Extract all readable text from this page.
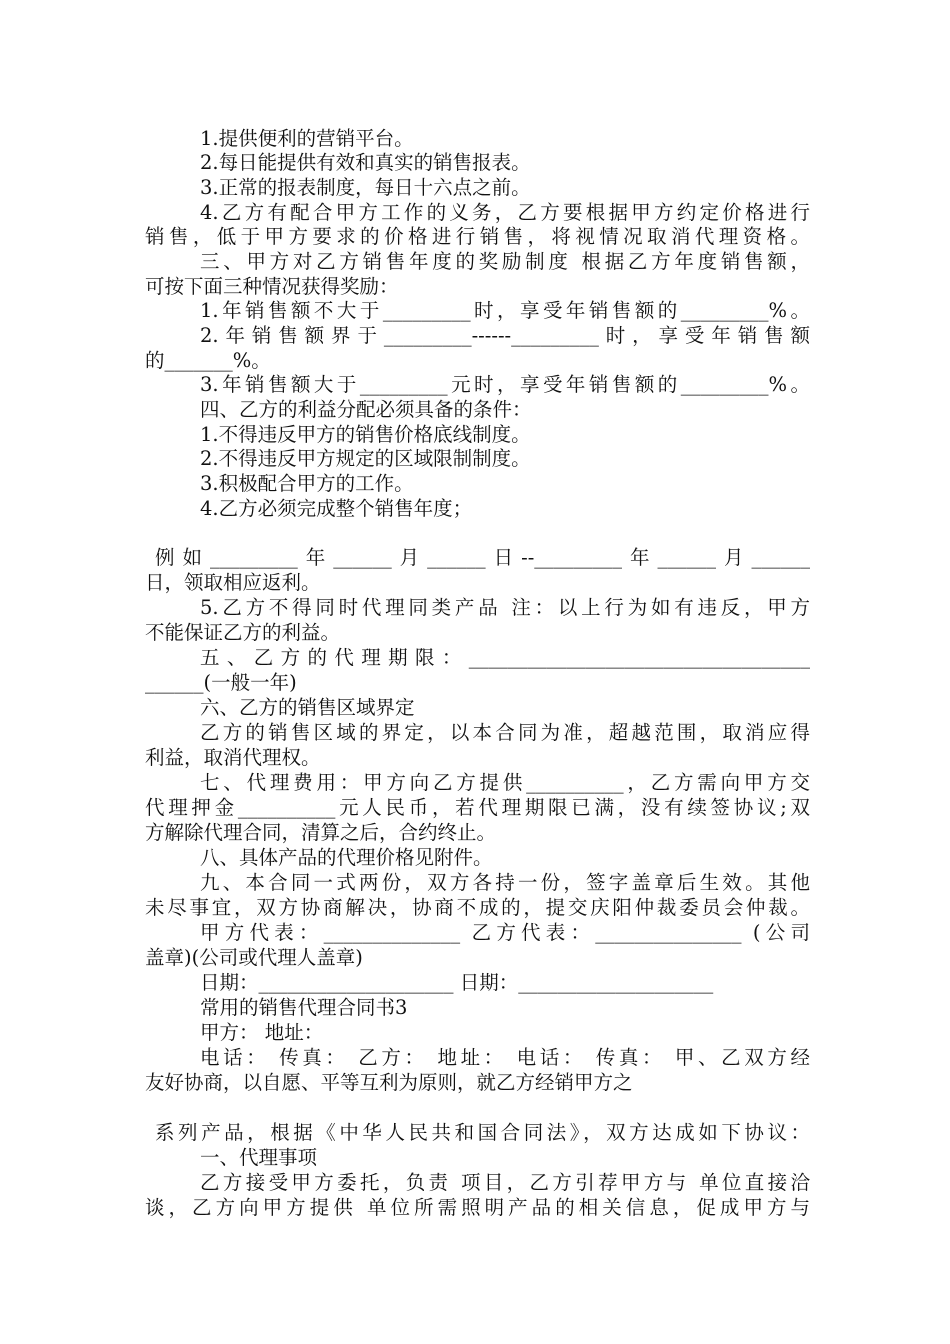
1.提供便利的营销平台。
2.每日能提供有效和真实的销售报表。
3.正常的报表制度，每日十六点之前。
4.乙方有配合甲方工作的义务，乙方要根据甲方约定价格进行
销售，低于甲方要求的价格进行销售，将视情况取消代理资格。
三、甲方对乙方销售年度的奖励制度 根据乙方年度销售额，
可按下面三种情况获得奖励：
1.年销售额不大于_________时，享受年销售额的_________%。
2.年销售额界于_________------_________时，享受年销售额
的_______%。
3.年销售额大于_________元时，享受年销售额的_________%。
四、乙方的利益分配必须具备的条件：
1.不得违反甲方的销售价格底线制度。
2.不得违反甲方规定的区域限制制度。
3.积极配合甲方的工作。
4.乙方必须完成整个销售年度；
例如_________年______月______日--_________年______月______
日，领取相应返利。
5.乙方不得同时代理同类产品 注：以上行为如有违反，甲方
不能保证乙方的利益。
五、乙方的代理期限：___________________________________
______(一般一年)
六、乙方的销售区域界定
乙方的销售区域的界定，以本合同为准，超越范围，取消应得
利益，取消代理权。
七、代理费用：甲方向乙方提供__________，乙方需向甲方交
代理押金__________元人民币，若代理期限已满，没有续签协议;双
方解除代理合同，清算之后，合约终止。
八、具体产品的代理价格见附件。
九、本合同一式两份，双方各持一份，签字盖章后生效。其他
未尽事宜，双方协商解决，协商不成的，提交庆阳仲裁委员会仲裁。
甲方代表：______________ 乙方代表：_______________ (公司
盖章)(公司或代理人盖章)
日期：____________________ 日期：____________________
常用的销售代理合同书3
甲方： 地址：
电话： 传真： 乙方： 地址： 电话： 传真： 甲、乙双方经
友好协商，以自愿、平等互利为原则，就乙方经销甲方之
系列产品，根据《中华人民共和国合同法》，双方达成如下协议：
一、代理事项
乙方接受甲方委托，负责 项目，乙方引荐甲方与 单位直接洽
谈，乙方向甲方提供 单位所需照明产品的相关信息，促成甲方与
